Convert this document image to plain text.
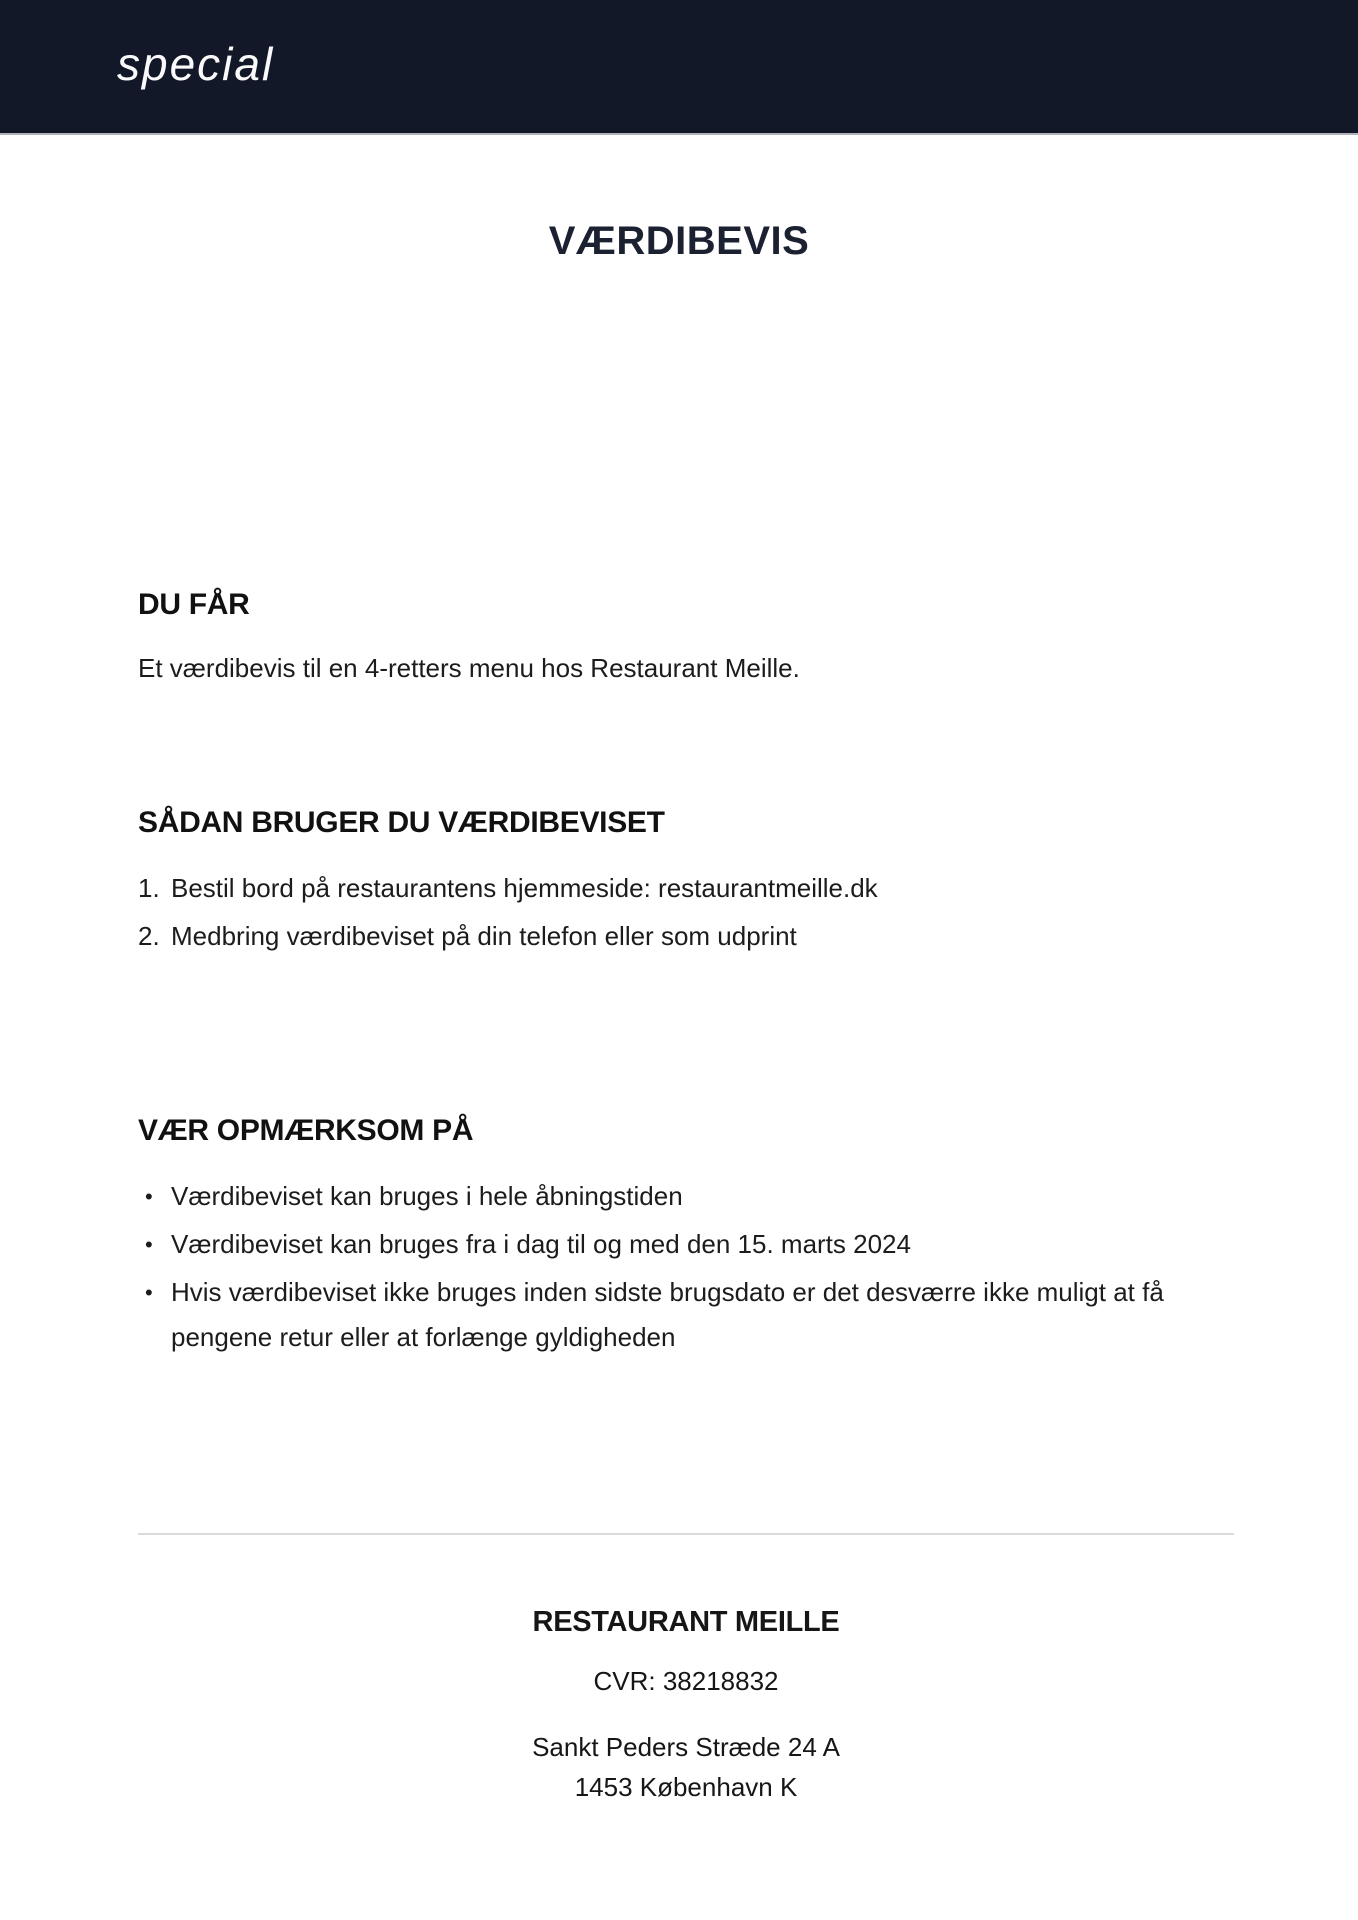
special
VÆRDIBEVIS
DU FÅR

Et værdibevis til en 4-retters menu hos Restaurant Meille.

SÅDAN BRUGER DU VÆRDIBEVISET
1. Bestil bord på restaurantens hjemmeside: restaurantmeille.dk
2. Medbring værdibeviset på din telefon eller som udprint
VÆR OPMÆRKSOM PÅ
• Værdibeviset kan bruges i hele åbningstiden
• Værdibeviset kan bruges fra i dag til og med den 15. marts 2024
• Hvis værdibeviset ikke bruges inden sidste brugsdato er det desværre ikke muligt at få pengene retur eller at forlænge gyldigheden
RESTAURANT MEILLE
CVR: 38218832
Sankt Peders Stræde 24 A
1453 København K
